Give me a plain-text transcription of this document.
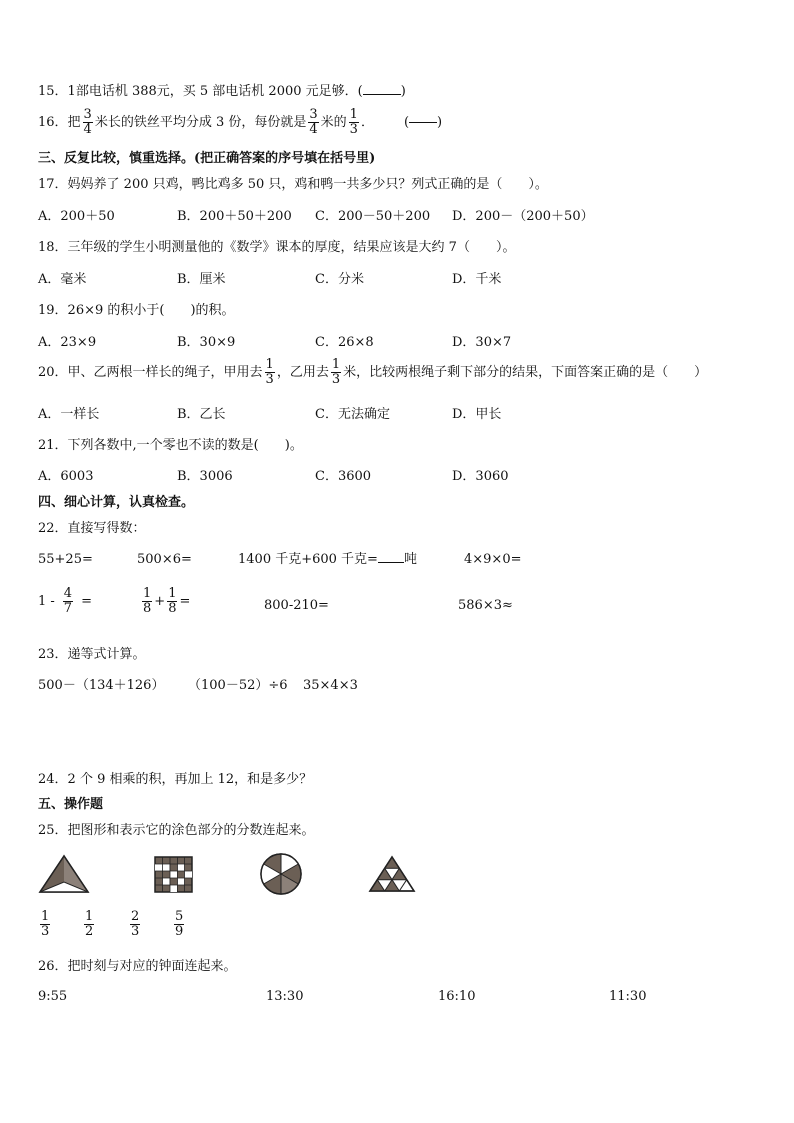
15．1部电话机 388元，买 5 部电话机 2000 元足够．(	)
16．把 $\frac{3}{4}$ 米长的铁丝平均分成 3 份，每份就是 $\frac{3}{4}$ 米的 $\frac{1}{3}$ ． ( )
三、反复比较，慎重选择。(把正确答案的序号填在括号里)
17．妈妈养了 200 只鸡，鸭比鸡多 50 只，鸡和鸭一共多少只？列式正确的是（　　）。
A．200＋50	B．200＋50＋200 C．200－50＋200 D．200－（200＋50）
18．三年级的学生小明测量他的《数学》课本的厚度，结果应该是大约 7（　　）。
A．毫米	B．厘米	C．分米	D．千米
19．26×9 的积小于(　　)的积。
A．23×9	B．30×9	C．26×8	D．30×7
20．甲、乙两根一样长的绳子，甲用去 $\frac{1}{3}$ ，乙用去 $\frac{1}{3}$ 米，比较两根绳子剩下部分的结果，下面答案正确的是（　　）
A．一样长	B．乙长	C．无法确定	D．甲长
21．下列各数中,一个零也不读的数是(　　)。
A．6003	B．3006	C．3600	D．3060
四、细心计算，认真检查。
22．直接写得数：
55+25=	500×6=	1400 千克+600 千克= 吨	4×9×0=
$1 - \frac{4}{7}$ =	$\frac{1}{8} + \frac{1}{8}$ =	800-210=	586×3≈
23．递等式计算。
500－（134＋126） （100－52）÷6 35×4×3
24．2 个 9 相乘的积，再加上 12，和是多少？
五、操作题
25．把图形和表示它的涂色部分的分数连起来。
$\frac{1}{3}$	$\frac{1}{2}$	$\frac{2}{3}$	$\frac{5}{9}$
26．把时刻与对应的钟面连起来。
9:55	13:30	16:10	11:30
